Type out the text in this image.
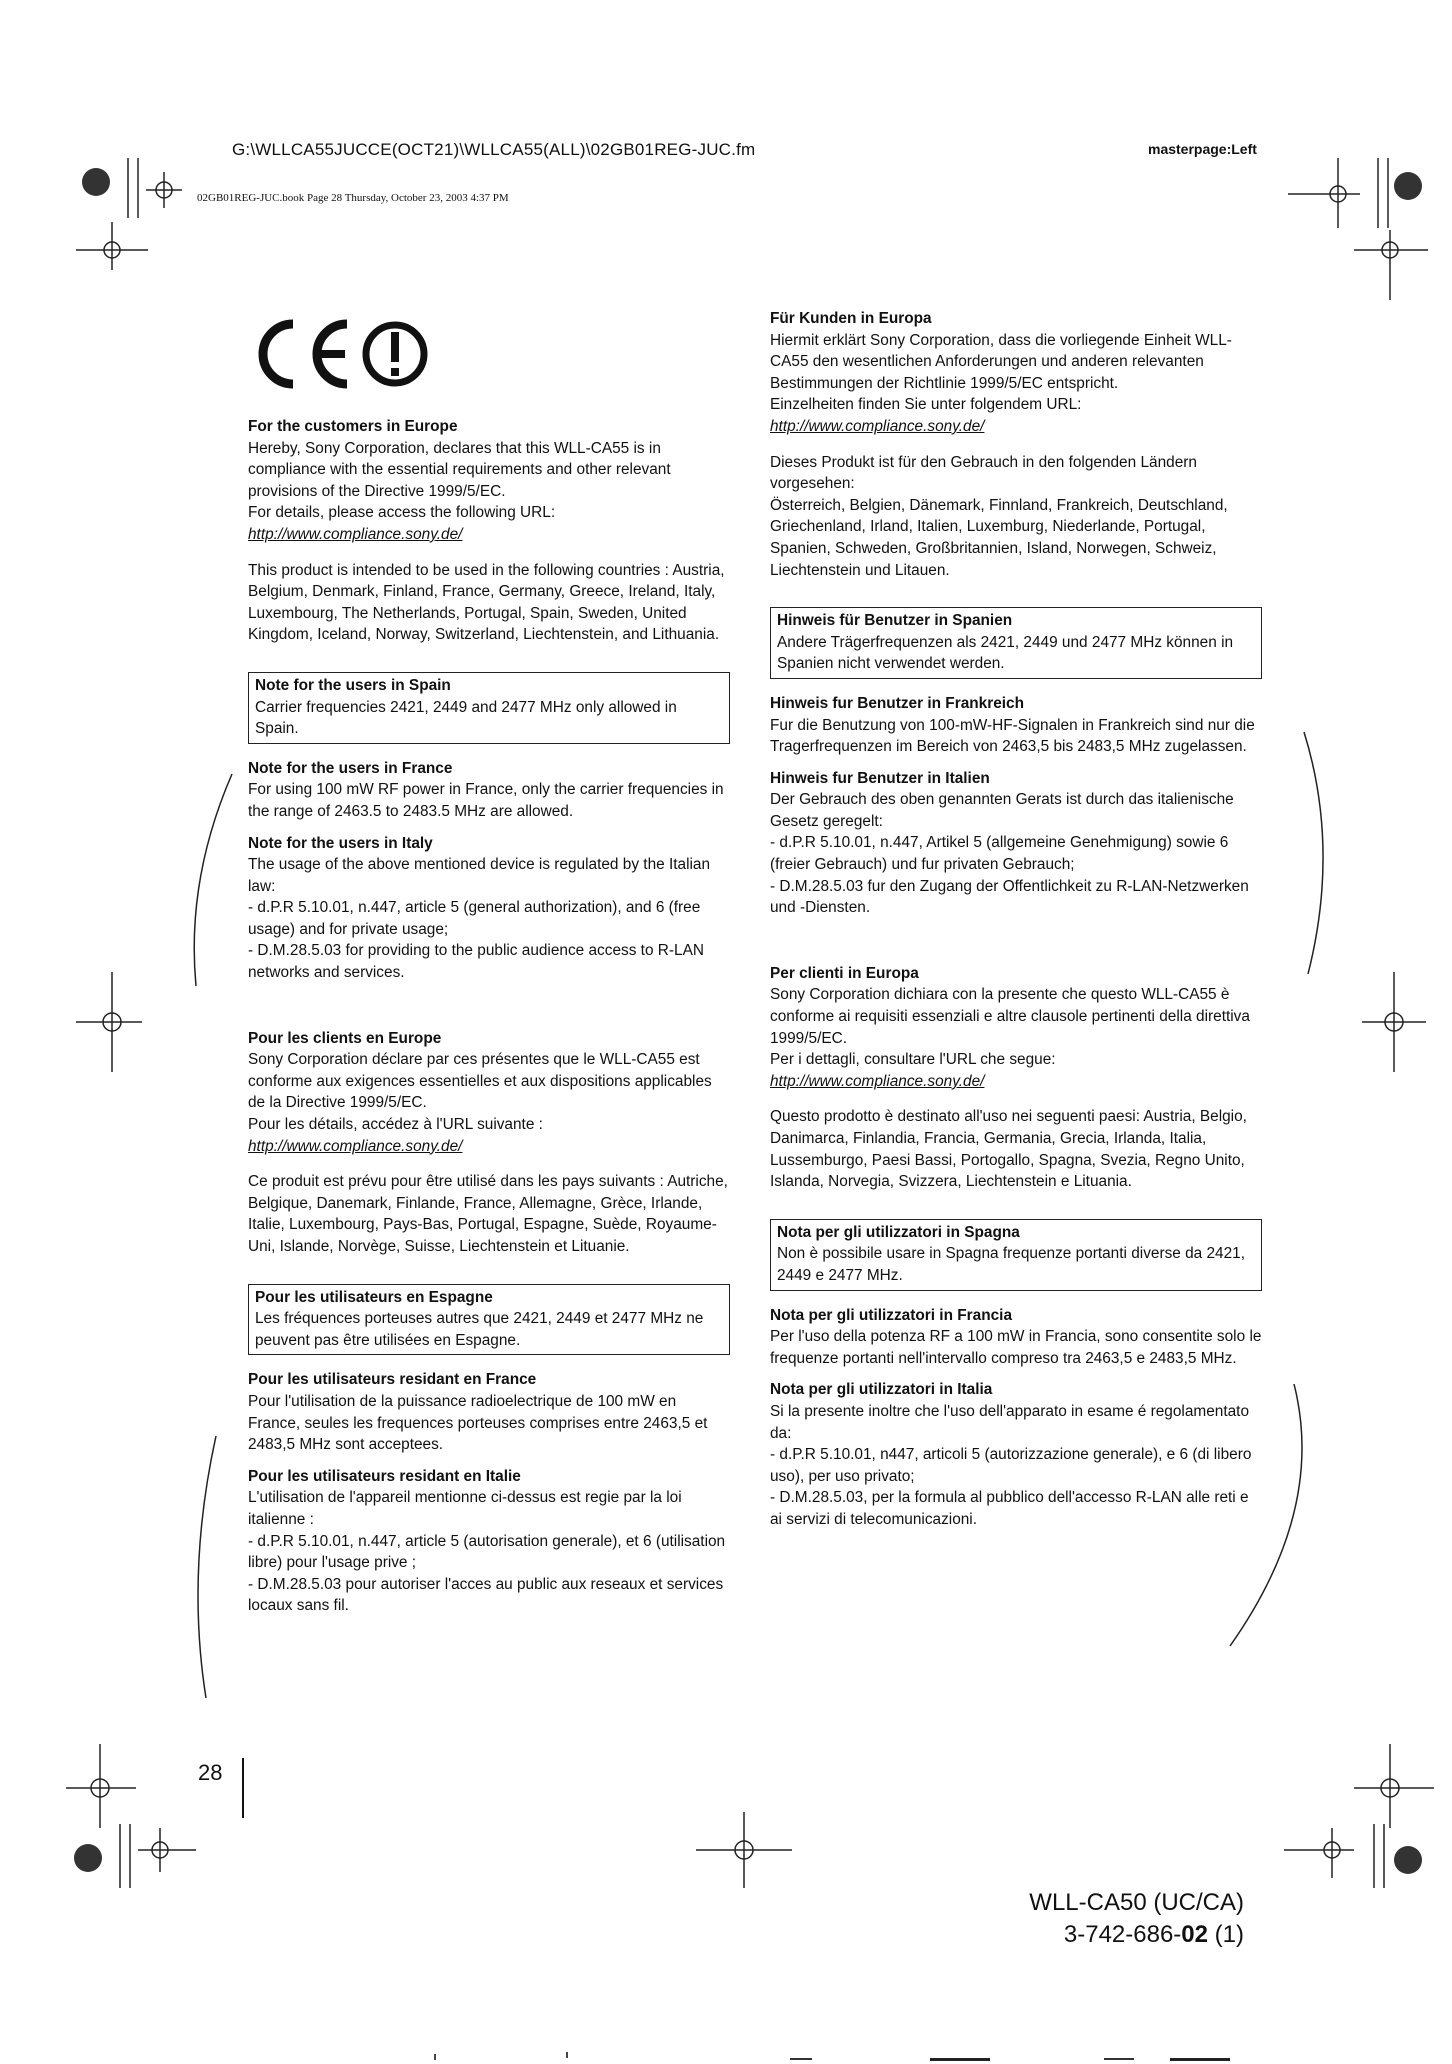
G:\WLLCA55JUCCE(OCT21)\WLLCA55(ALL)\02GB01REG-JUC.fm	masterpage:Left
02GB01REG-JUC.book Page 28 Thursday, October 23, 2003 4:37 PM
For the customers in Europe
Hereby, Sony Corporation, declares that this WLL-CA55 is in compliance with the essential requirements and other relevant provisions of the Directive 1999/5/EC.
For details, please access the following URL:
http://www.compliance.sony.de/
This product is intended to be used in the following countries : Austria, Belgium, Denmark, Finland, France, Germany, Greece, Ireland, Italy, Luxembourg, The Netherlands, Portugal, Spain, Sweden, United Kingdom, Iceland, Norway, Switzerland, Liechtenstein, and Lithuania.
Note for the users in Spain
Carrier frequencies 2421, 2449 and 2477 MHz only allowed in Spain.
Note for the users in France
For using 100 mW RF power in France, only the carrier frequencies in the range of 2463.5 to 2483.5 MHz are allowed.
Note for the users in Italy
The usage of the above mentioned device is regulated by the Italian law:
- d.P.R 5.10.01, n.447, article 5 (general authorization), and 6 (free usage) and for private usage;
- D.M.28.5.03 for providing to the public audience access to R-LAN networks and services.
Pour les clients en Europe
Sony Corporation déclare par ces présentes que le WLL-CA55 est conforme aux exigences essentielles et aux dispositions applicables de la Directive 1999/5/EC.
Pour les détails, accédez à l'URL suivante :
http://www.compliance.sony.de/
Ce produit est prévu pour être utilisé dans les pays suivants : Autriche, Belgique, Danemark, Finlande, France, Allemagne, Grèce, Irlande, Italie, Luxembourg, Pays-Bas, Portugal, Espagne, Suède, Royaume-Uni, Islande, Norvège, Suisse, Liechtenstein et Lituanie.
Pour les utilisateurs en Espagne
Les fréquences porteuses autres que 2421, 2449 et 2477 MHz ne peuvent pas être utilisées en Espagne.
Pour les utilisateurs residant en France
Pour l'utilisation de la puissance radioelectrique de 100 mW en France, seules les frequences porteuses comprises entre 2463,5 et 2483,5 MHz sont acceptees.
Pour les utilisateurs residant en Italie
L'utilisation de l'appareil mentionne ci-dessus est regie par la loi italienne :
- d.P.R 5.10.01, n.447, article 5 (autorisation generale), et 6 (utilisation libre) pour l'usage prive ;
- D.M.28.5.03 pour autoriser l'acces au public aux reseaux et services locaux sans fil.
Für Kunden in Europa
Hiermit erklärt Sony Corporation, dass die vorliegende Einheit WLL-CA55 den wesentlichen Anforderungen und anderen relevanten Bestimmungen der Richtlinie 1999/5/EC entspricht.
Einzelheiten finden Sie unter folgendem URL:
http://www.compliance.sony.de/
Dieses Produkt ist für den Gebrauch in den folgenden Ländern vorgesehen:
Österreich, Belgien, Dänemark, Finnland, Frankreich, Deutschland, Griechenland, Irland, Italien, Luxemburg, Niederlande, Portugal, Spanien, Schweden, Großbritannien, Island, Norwegen, Schweiz, Liechtenstein und Litauen.
Hinweis für Benutzer in Spanien
Andere Trägerfrequenzen als 2421, 2449 und 2477 MHz können in Spanien nicht verwendet werden.
Hinweis fur Benutzer in Frankreich
Fur die Benutzung von 100-mW-HF-Signalen in Frankreich sind nur die Tragerfrequenzen im Bereich von 2463,5 bis 2483,5 MHz zugelassen.
Hinweis fur Benutzer in Italien
Der Gebrauch des oben genannten Gerats ist durch das italienische Gesetz geregelt:
- d.P.R 5.10.01, n.447, Artikel 5 (allgemeine Genehmigung) sowie 6 (freier Gebrauch) und fur privaten Gebrauch;
- D.M.28.5.03 fur den Zugang der Offentlichkeit zu R-LAN-Netzwerken und -Diensten.
Per clienti in Europa
Sony Corporation dichiara con la presente che questo WLL-CA55 è conforme ai requisiti essenziali e altre clausole pertinenti della direttiva 1999/5/EC.
Per i dettagli, consultare l'URL che segue:
http://www.compliance.sony.de/
Questo prodotto è destinato all'uso nei seguenti paesi: Austria, Belgio, Danimarca, Finlandia, Francia, Germania, Grecia, Irlanda, Italia, Lussemburgo, Paesi Bassi, Portogallo, Spagna, Svezia, Regno Unito, Islanda, Norvegia, Svizzera, Liechtenstein e Lituania.
Nota per gli utilizzatori in Spagna
Non è possibile usare in Spagna frequenze portanti diverse da 2421, 2449 e 2477 MHz.
Nota per gli utilizzatori in Francia
Per l'uso della potenza RF a 100 mW in Francia, sono consentite solo le frequenze portanti nell'intervallo compreso tra 2463,5 e 2483,5 MHz.
Nota per gli utilizzatori in Italia
Si la presente inoltre che l'uso dell'apparato in esame é regolamentato da:
- d.P.R 5.10.01, n447, articoli 5 (autorizzazione generale), e 6 (di libero uso), per uso privato;
- D.M.28.5.03, per la formula al pubblico dell'accesso R-LAN alle reti e ai servizi di telecomunicazioni.
28
WLL-CA50 (UC/CA)
3-742-686-02 (1)
